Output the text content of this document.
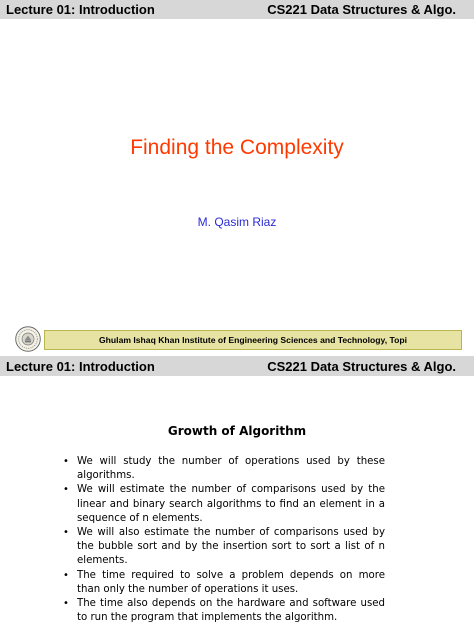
Lecture 01: Introduction	CS221 Data Structures & Algo.
Finding the Complexity
M. Qasim Riaz
Ghulam Ishaq Khan Institute of Engineering Sciences and Technology, Topi
Lecture 01: Introduction	CS221 Data Structures & Algo.
Growth of Algorithm
• We will study the number of operations used by these algorithms.
• We will estimate the number of comparisons used by the linear and binary search algorithms to find an element in a sequence of n elements.
• We will also estimate the number of comparisons used by the bubble sort and by the insertion sort to sort a list of n elements.
• The time required to solve a problem depends on more than only the number of operations it uses.
• The time also depends on the hardware and software used to run the program that implements the algorithm.
